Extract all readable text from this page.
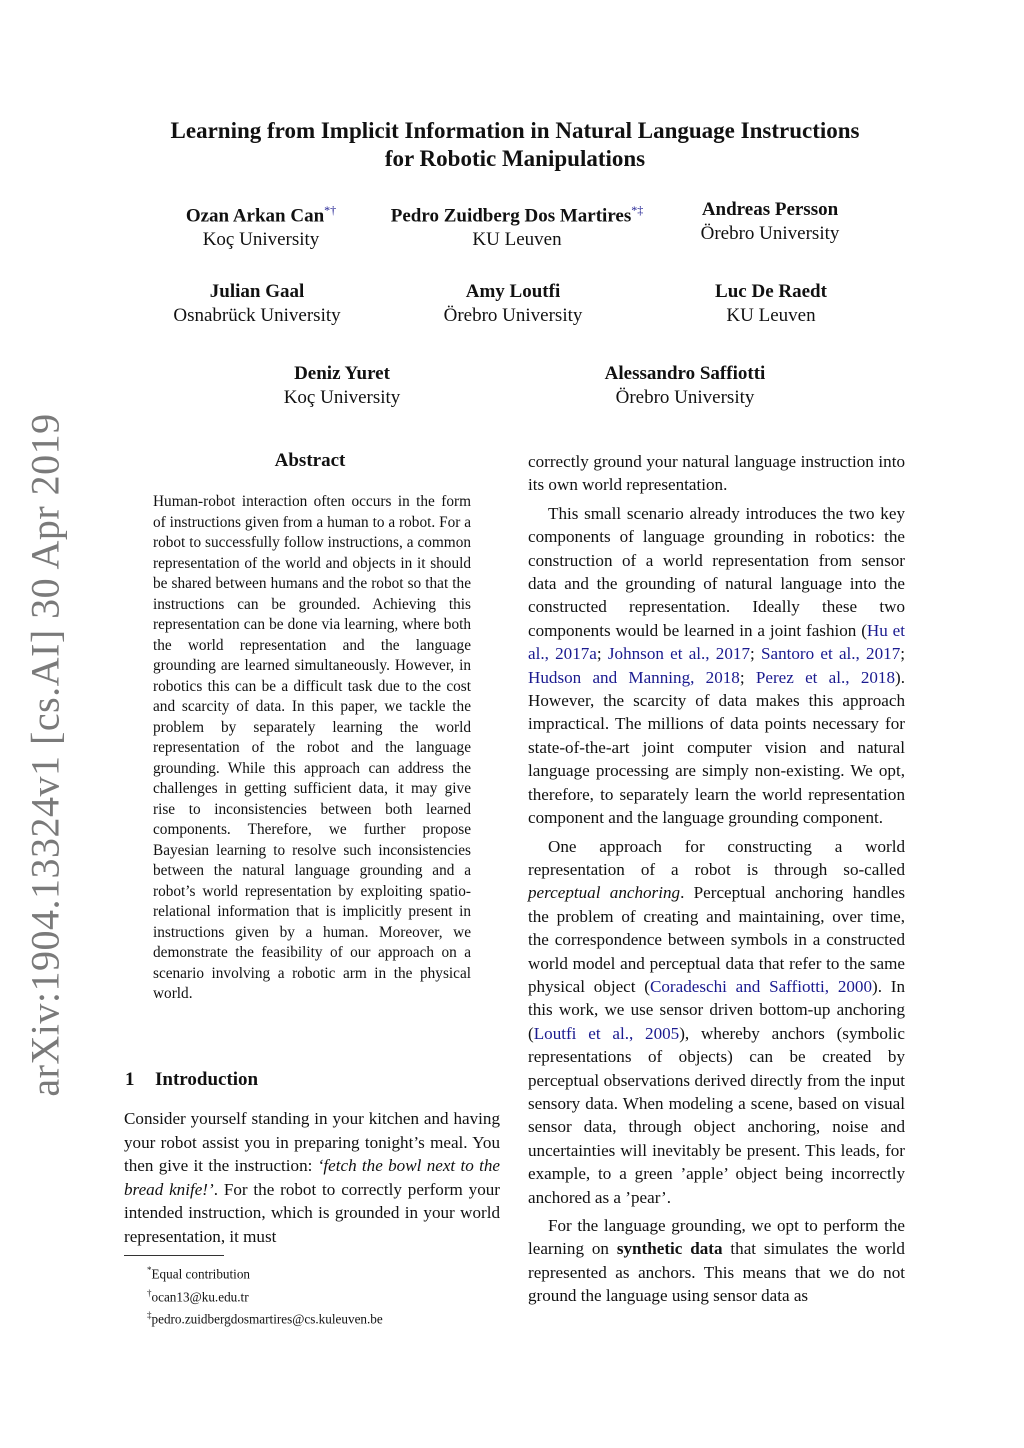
arXiv:1904.13324v1 [cs.AI] 30 Apr 2019
Learning from Implicit Information in Natural Language Instructions
for Robotic Manipulations
Ozan Arkan Can*†
Koç University
Pedro Zuidberg Dos Martires*‡
KU Leuven
Andreas Persson
Örebro University
Julian Gaal
Osnabrück University
Amy Loutfi
Örebro University
Luc De Raedt
KU Leuven
Deniz Yuret
Koç University
Alessandro Saffiotti
Örebro University
Abstract
Human-robot interaction often occurs in the form of instructions given from a human to a robot. For a robot to successfully follow instructions, a common representation of the world and objects in it should be shared between humans and the robot so that the instructions can be grounded. Achieving this representation can be done via learning, where both the world representation and the language grounding are learned simultaneously. However, in robotics this can be a difficult task due to the cost and scarcity of data. In this paper, we tackle the problem by separately learning the world representation of the robot and the language grounding. While this approach can address the challenges in getting sufficient data, it may give rise to inconsistencies between both learned components. Therefore, we further propose Bayesian learning to resolve such inconsistencies between the natural language grounding and a robot’s world representation by exploiting spatio-relational information that is implicitly present in instructions given by a human. Moreover, we demonstrate the feasibility of our approach on a scenario involving a robotic arm in the physical world.
1 Introduction

Consider yourself standing in your kitchen and having your robot assist you in preparing tonight’s meal. You then give it the instruction: ‘fetch the bowl next to the bread knife!’. For the robot to correctly perform your intended instruction, which is grounded in your world representation, it must

*Equal contribution
†ocan13@ku.edu.tr
‡pedro.zuidbergdosmartires@cs.kuleuven.be

correctly ground your natural language instruction into its own world representation.

This small scenario already introduces the two key components of language grounding in robotics: the construction of a world representation from sensor data and the grounding of natural language into the constructed representation. Ideally these two components would be learned in a joint fashion (Hu et al., 2017a; Johnson et al., 2017; Santoro et al., 2017; Hudson and Manning, 2018; Perez et al., 2018). However, the scarcity of data makes this approach impractical. The millions of data points necessary for state-of-the-art joint computer vision and natural language processing are simply non-existing. We opt, therefore, to separately learn the world representation component and the language grounding component.

One approach for constructing a world representation of a robot is through so-called perceptual anchoring. Perceptual anchoring handles the problem of creating and maintaining, over time, the correspondence between symbols in a constructed world model and perceptual data that refer to the same physical object (Coradeschi and Saffiotti, 2000). In this work, we use sensor driven bottom-up anchoring (Loutfi et al., 2005), whereby anchors (symbolic representations of objects) can be created by perceptual observations derived directly from the input sensory data. When modeling a scene, based on visual sensor data, through object anchoring, noise and uncertainties will inevitably be present. This leads, for example, to a green ’apple’ object being incorrectly anchored as a ’pear’.

For the language grounding, we opt to perform the learning on synthetic data that simulates the world represented as anchors. This means that we do not ground the language using sensor data as
